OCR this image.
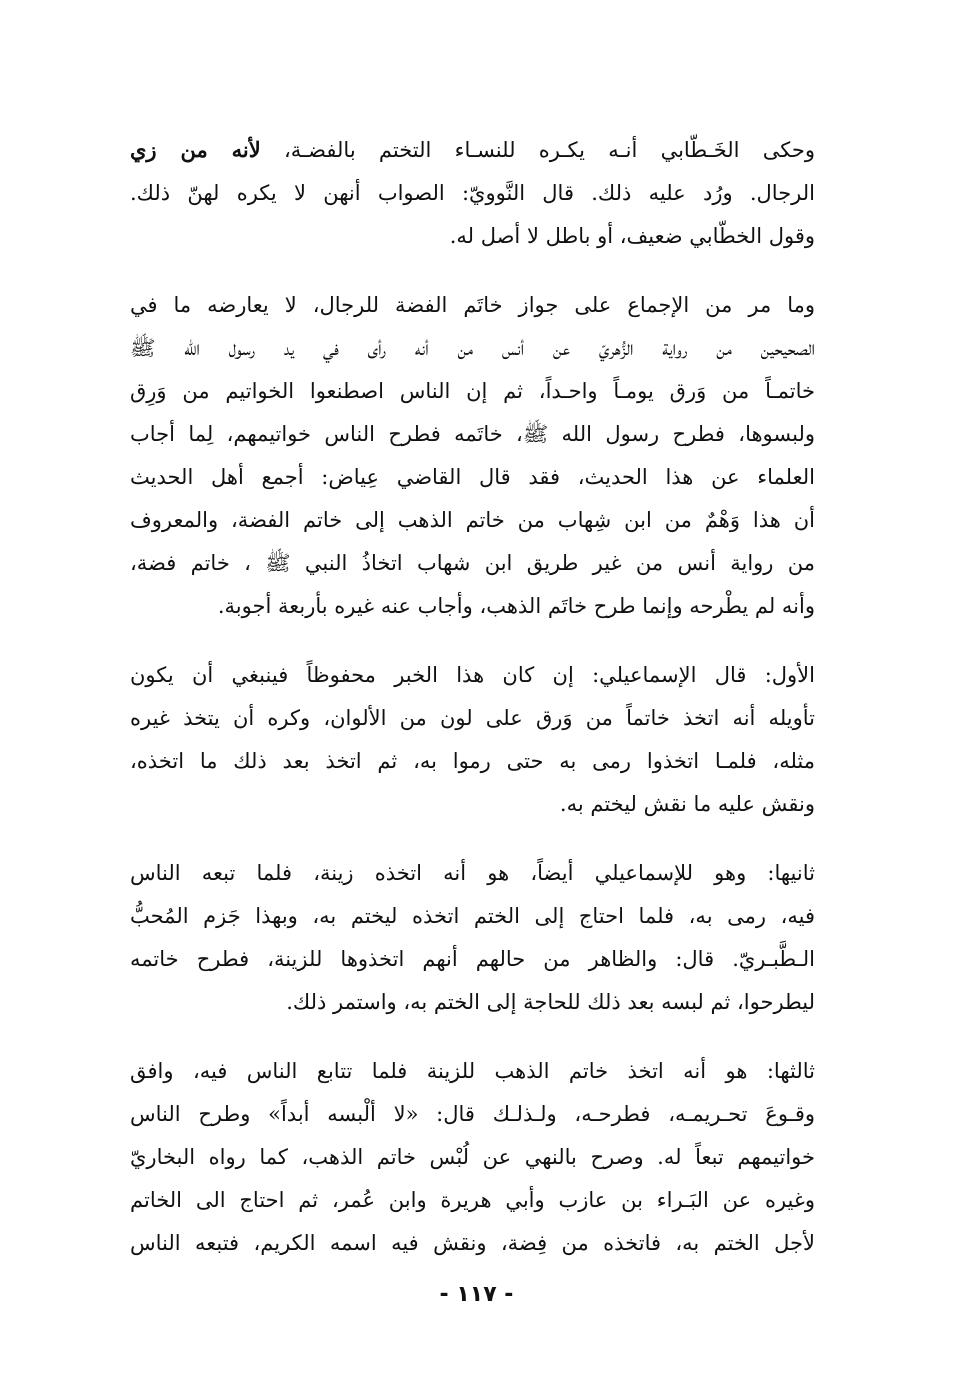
وحكى الخَـطّابي أنـه يكـره للنسـاء التختم بالفضـة، لأنه من زي
الرجال. ورُد عليه ذلك. قال النَّوويّ: الصواب أنهن لا يكره لهنّ ذلك.
وقول الخطّابي ضعيف، أو باطل لا أصل له.

وما مر من الإجماع على جواز خاتَم الفضة للرجال، لا يعارضه ما في
الصحيحين من رواية الزُّهريّ عن أنس من أنه رأى في يد رسول الله ﷺ
خاتمـاً من وَرق يومـاً واحـداً، ثم إن الناس اصطنعوا الخواتيم من وَرِق
ولبسوها، فطرح رسول الله ﷺ، خاتَمه فطرح الناس خواتيمهم، لِما أجاب
العلماء عن هذا الحديث، فقد قال القاضي عِياض: أجمع أهل الحديث
أن هذا وَهْمٌ من ابن شِهاب من خاتم الذهب إلى خاتم الفضة، والمعروف
من رواية أنس من غير طريق ابن شهاب اتخاذُ النبي ﷺ ، خاتم فضة،
وأنه لم يطْرحه وإنما طرح خاتَم الذهب، وأجاب عنه غيره بأربعة أجوبة.

الأول: قال الإسماعيلي: إن كان هذا الخبر محفوظاً فينبغي أن يكون
تأويله أنه اتخذ خاتماً من وَرق على لون من الألوان، وكره أن يتخذ غيره
مثله، فلمـا اتخذوا رمى به حتى رموا به، ثم اتخذ بعد ذلك ما اتخذه،
ونقش عليه ما نقش ليختم به.

ثانيها: وهو للإسماعيلي أيضاً، هو أنه اتخذه زينة، فلما تبعه الناس
فيه، رمى به، فلما احتاج إلى الختم اتخذه ليختم به، وبهذا جَزم المُحبُّ
الـطَّبـريّ. قال: والظاهر من حالهم أنهم اتخذوها للزينة، فطرح خاتمه
ليطرحوا، ثم لبسه بعد ذلك للحاجة إلى الختم به، واستمر ذلك.

ثالثها: هو أنه اتخذ خاتم الذهب للزينة فلما تتابع الناس فيه، وافق
وقـوعَ تحـريمـه، فطرحـه، ولـذلـك قال: «لا ألْبسه أبداً» وطرح الناس
خواتيمهم تبعاً له. وصرح بالنهي عن لُبْس خاتم الذهب، كما رواه البخاريّ
وغيره عن البَـراء بن عازب وأبي هريرة وابن عُمر، ثم احتاج الى الخاتم
لأجل الختم به، فاتخذه من فِضة، ونقش فيه اسمه الكريم، فتبعه الناس

- ١١٧ -
